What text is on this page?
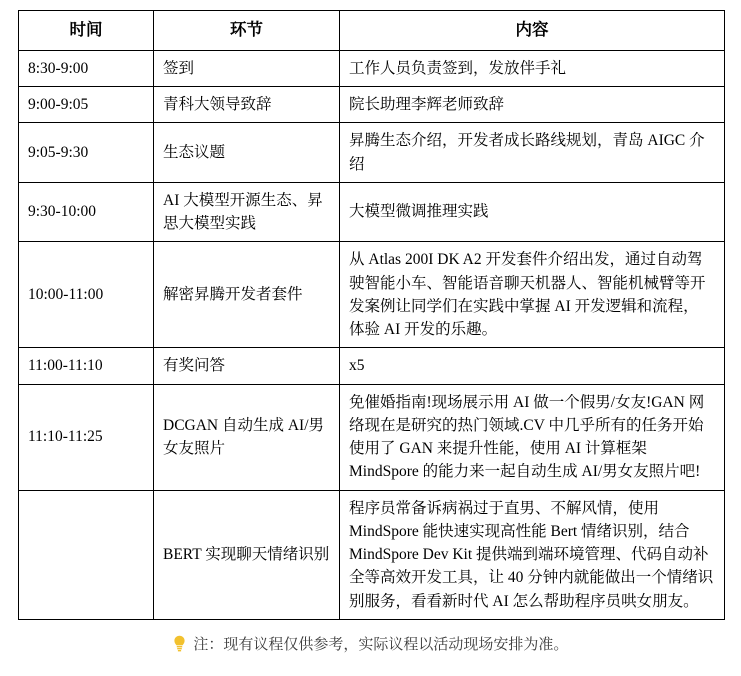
时间	环节	内容
8:30-9:00	签到	工作人员负责签到，发放伴手礼
9:00-9:05	青科大领导致辞	院长助理李辉老师致辞
9:05-9:30	生态议题	昇腾生态介绍，开发者成长路线规划，青岛 AIGC 介绍
9:30-10:00	AI 大模型开源生态、昇思大模型实践	大模型微调推理实践
10:00-11:00	解密昇腾开发者套件	从 Atlas 200I DK A2 开发套件介绍出发，通过自动驾驶智能小车、智能语音聊天机器人、智能机械臂等开发案例让同学们在实践中掌握 AI 开发逻辑和流程，体验 AI 开发的乐趣。
11:00-11:10	有奖问答	x5
11:10-11:25	DCGAN 自动生成 AI/男女友照片	免催婚指南!现场展示用 AI 做一个假男/女友!GAN 网络现在是研究的热门领域.CV 中几乎所有的任务开始使用了 GAN 来提升性能，使用 AI 计算框架 MindSpore 的能力来一起自动生成 AI/男女友照片吧!
	BERT 实现聊天情绪识别	程序员常备诉病祸过于直男、不解风情，使用 MindSpore 能快速实现高性能 Bert 情绪识别，结合 MindSpore Dev Kit 提供端到端环境管理、代码自动补全等高效开发工具，让 40 分钟内就能做出一个情绪识别服务，看看新时代 AI 怎么帮助程序员哄女朋友。
注：现有议程仅供参考，实际议程以活动现场安排为准。
